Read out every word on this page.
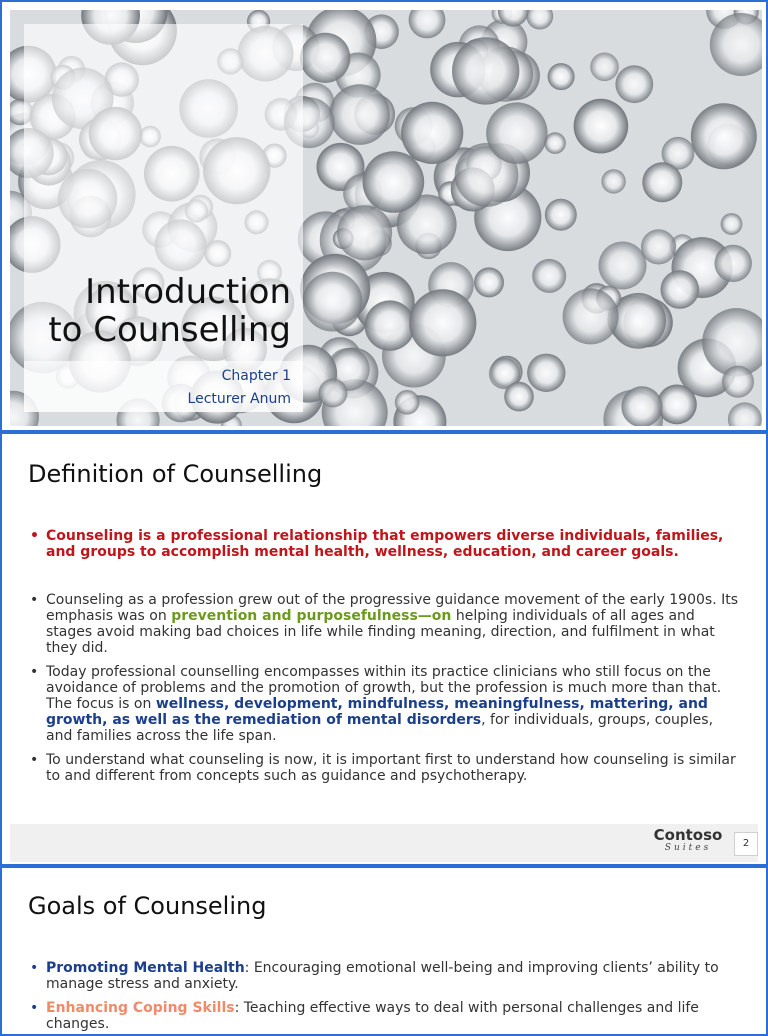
Introduction
to Counselling
Chapter 1
Lecturer Anum
Definition of Counselling
• Counseling is a professional relationship that empowers diverse individuals, families, and groups to accomplish mental health, wellness, education, and career goals.
• Counseling as a profession grew out of the progressive guidance movement of the early 1900s. Its emphasis was on prevention and purposefulness—on helping individuals of all ages and stages avoid making bad choices in life while finding meaning, direction, and fulfilment in what they did.
• Today professional counselling encompasses within its practice clinicians who still focus on the avoidance of problems and the promotion of growth, but the profession is much more than that. The focus is on wellness, development, mindfulness, meaningfulness, mattering, and growth, as well as the remediation of mental disorders, for individuals, groups, couples, and families across the life span.
• To understand what counseling is now, it is important first to understand how counseling is similar to and different from concepts such as guidance and psychotherapy.
Contoso
Suites	2
Goals of Counseling
• Promoting Mental Health: Encouraging emotional well-being and improving clients’ ability to manage stress and anxiety.
• Enhancing Coping Skills: Teaching effective ways to deal with personal challenges and life changes.
